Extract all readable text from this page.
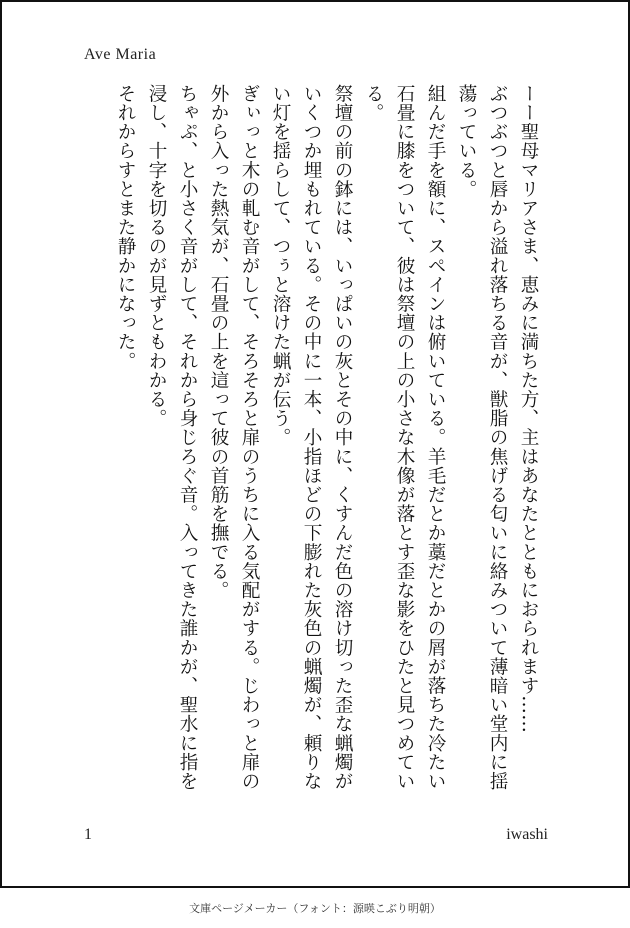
Ave Maria

ーー聖母マリアさま、恵みに満ちた方、主はあなたとともにおられます……

ぶつぶつと唇から溢れ落ちる音が、獣脂の焦げる匂いに絡みついて薄暗い堂内に揺蕩っている。

組んだ手を額に、スペインは俯いている。羊毛だとか藁だとかの屑が落ちた冷たい石畳に膝をついて、彼は祭壇の上の小さな木像が落とす歪な影をひたと見つめている。

祭壇の前の鉢には、いっぱいの灰とその中に、くすんだ色の溶け切った歪な蝋燭がいくつか埋もれている。その中に一本、小指ほどの下膨れた灰色の蝋燭が、頼りない灯を揺らして、つぅと溶けた蝋が伝う。

ぎぃっと木の軋む音がして、そろそろと扉のうちに入る気配がする。じわっと扉の外から入った熱気が、石畳の上を這って彼の首筋を撫でる。

ちゃぷ、と小さく音がして、それから身じろぐ音。入ってきた誰かが、聖水に指を浸し、十字を切るのが見ずともわかる。

それからすとまた静かになった。

1	iwashi
文庫ページメーカー（フォント：源暎こぶり明朝）
